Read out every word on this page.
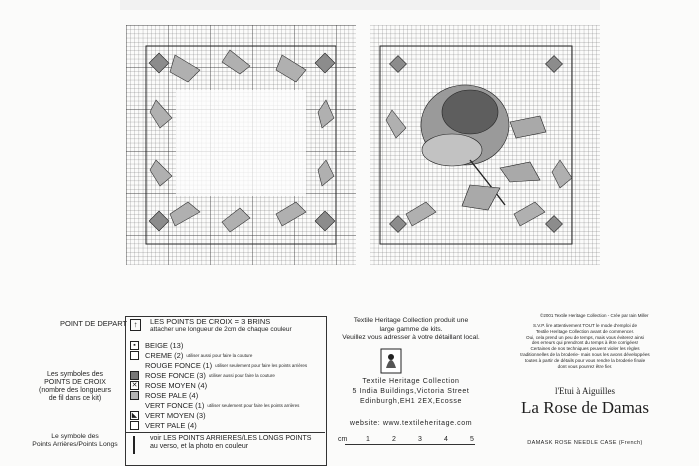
POINT DE DEPART ↑	LES POINTS DE CROIX = 3 BRINS
attacher une longueur de 2cm de chaque couleur
Les symboles des
POINTS DE CROIX
(nombre des longueurs
de fil dans ce kit)
▪	BEIGE (13)
CREME (2) utiliser aussi pour faire la couture
ROUGE FONCE (1) utiliser seulement pour faire les points arrières
ROSE FONCE (3) utiliser aussi pour faire la couture
✕ ROSE MOYEN (4)
ROSE PALE (4)
VERT FONCE (1) utiliser seulement pour faire les points arrières
◣ VERT MOYEN (3)
VERT PALE (4)
Le symbole des
Points Arrières/Points Longs
voir LES POINTS ARRIERES/LES LONGS POINTS
au verso, et la photo en couleur
Textile Heritage Collection produit une
large gamme de kits.
Veuillez vous adresser à votre détaillant local.
Textile Heritage Collection
5 India Buildings,Victoria Street
Edinburgh,EH1 2EX,Ecosse
website: www.textileheritage.com
cm	1	2	3	4	5
©2001 Textile Heritage Collection - Crée par Iain Miller
S.V.P. lire attentivement TOUT le mode d'emploi de
Textile Heritage Collection avant de commencer.
Oui, cela prend un peu de temps, mais vous éviterez ainsi
des erreurs qui prendront du temps à être corrigées!
Certaines de nos techniques peuvent violer les règles
traditionnelles de la broderie- mais nous les avons développées
toutes à partir de détails pour vous rendre la broderie finale
dont vous pourrez être fier.
l'Etui à Aiguilles
La Rose de Damas
DAMASK ROSE NEEDLE CASE (French)
